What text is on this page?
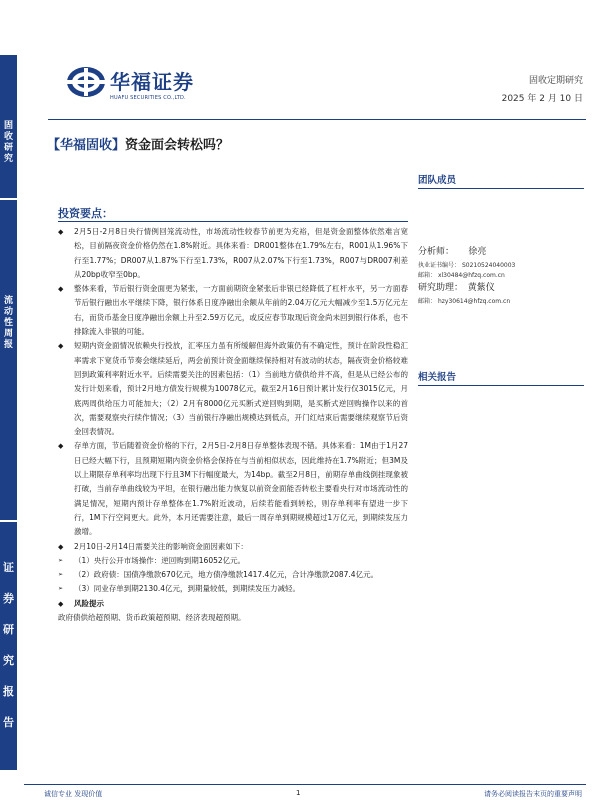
固
收
研
究
流
动
性
周
报
证
券
研
究
报
告
华福证券
HUAFU SECURITIES CO.,LTD.
固收定期研究
2025 年 2 月 10 日
【华福固收】资金面会转松吗？
团队成员
投资要点：
分析师： 徐亮
执业证书编号： S0210524040003
邮箱： xl30484@hfzq.com.cn
研究助理： 黄紫仪
邮箱： hzy30614@hfzq.com.cn
相关报告
◆ 2月5日-2月8日央行情例回笼流动性，市场流动性较春节前更为充裕，但是资金面整体依然难言宽松，目前隔夜资金价格仍然在1.8%附近。具体来看：DR001整体在1.79%左右，R001从1.96%下行至1.77%；DR007从1.87%下行至1.73%，R007从2.07%下行至1.73%，R007与DR007利差从20bp收窄至0bp。
◆ 整体来看，节后银行资金面更为紧张，一方面前期资金紧张后非银已经降低了杠杆水平，另一方面春节后银行融出水平继续下降，银行体系日度净融出余额从年前的2.04万亿元大幅减少至1.5万亿元左右，而货币基金日度净融出余额上升至2.59万亿元，或反应春节取现后资金尚未回到银行体系，也不排除流入非银的可能。
◆ 短期内资金面情况依赖央行投放，汇率压力虽有所缓解但海外政策仍有不确定性，预计在阶段性稳汇率需求下宽货币节奏会继续延后，两会前预计资金面继续保持相对有波动的状态，隔夜资金价格较难回到政策利率附近水平。后续需要关注的因素包括：（1）当前地方债供给并不高，但是从已经公布的发行计划来看，预计2月地方债发行规模为10078亿元，截至2月16日预计累计发行仅3015亿元，月底两周供给压力可能加大；（2）2月有8000亿元买断式逆回购到期，是买断式逆回购操作以来的首次，需要观察央行续作情况；（3）当前银行净融出规模达到低点，开门红结束后需要继续观察节后资金回表情况。
◆ 存单方面，节后随着资金价格的下行，2月5日-2月8日存单整体表现不错。具体来看：1M由于1月27日已经大幅下行，且预期短期内资金价格会保持在与当前相似状态，因此维持在1.7%附近；但3M及以上期限存单利率均出现下行且3M下行幅度最大，为14bp。截至2月8日，前期存单曲线倒挂现象被打破，当前存单曲线较为平坦，在银行融出能力恢复以前资金面能否转松主要看央行对市场流动性的满足情况，短期内预计存单整体在1.7%附近波动，后续若能看到转松，则存单利率有望进一步下行，1M下行空间更大。此外，本月还需要注意，最后一周存单到期规模超过1万亿元，到期续发压力激增。
◆ 2月10日-2月14日需要关注的影响资金面因素如下：
➢ （1）央行公开市场操作：逆回购到期16052亿元。
➢ （2）政府债：国债净缴款670亿元，地方债净缴款1417.4亿元，合计净缴款2087.4亿元。
➢ （3）同业存单到期2130.4亿元，到期量较低，到期续发压力减轻。
◆ 风险提示
政府债供给超预期、货币政策超预期、经济表现超预期。
诚信专业 发现价值	1	请务必阅读报告末页的重要声明
